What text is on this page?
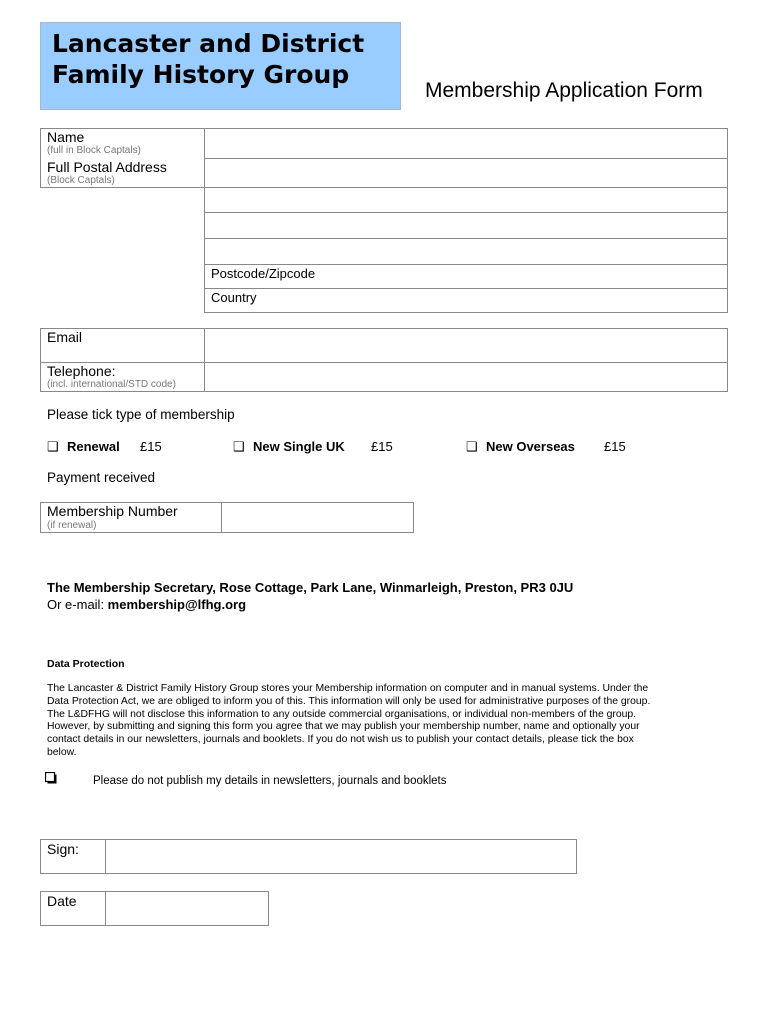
Lancaster and District
Family History Group
Membership Application Form
Name
(full in Block Captals)
Full Postal Address
(Block Captals)
Postcode/Zipcode
Country
Email
Telephone:
(incl. international/STD code)
Please tick type of membership
❑ Renewal £15	❑ New Single UK £15	❑ New Overseas £15
Payment received
Membership Number
(if renewal)
The Membership Secretary, Rose Cottage, Park Lane, Winmarleigh, Preston, PR3 0JU
Or e-mail: membership@lfhg.org
Data Protection
The Lancaster & District Family History Group stores your Membership information on computer and in manual systems. Under the
Data Protection Act, we are obliged to inform you of this. This information will only be used for administrative purposes of the group.
The L&DFHG will not disclose this information to any outside commercial organisations, or individual non-members of the group.
However, by submitting and signing this form you agree that we may publish your membership number, name and optionally your
contact details in our newsletters, journals and booklets. If you do not wish us to publish your contact details, please tick the box
below.
Please do not publish my details in newsletters, journals and booklets
Sign:
Date
